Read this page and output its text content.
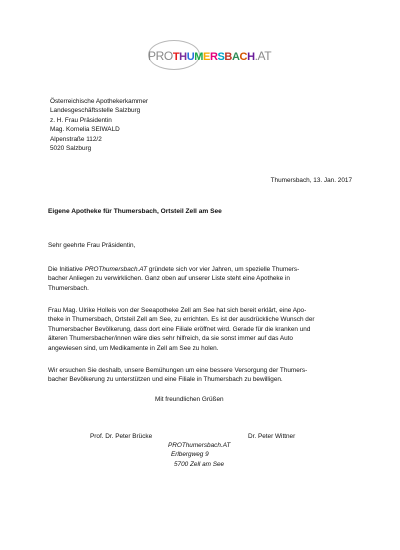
PROTHUMERSBACH.AT
Österreichische Apothekerkammer
Landesgeschäftsstelle Salzburg
z. H. Frau Präsidentin
Mag. Kornelia SEIWALD
Alpenstraße 112/2
5020 Salzburg
Thumersbach, 13. Jan. 2017
Eigene Apotheke für Thumersbach, Ortsteil Zell am See
Sehr geehrte Frau Präsidentin,
Die Initiative PROThumersbach.AT gründete sich vor vier Jahren, um spezielle Thumers-
bacher Anliegen zu verwirklichen. Ganz oben auf unserer Liste steht eine Apotheke in
Thumersbach.
Frau Mag. Ulrike Holleis von der Seeapotheke Zell am See hat sich bereit erklärt, eine Apo-
theke in Thumersbach, Ortsteil Zell am See, zu errichten. Es ist der ausdrückliche Wunsch der
Thumersbacher Bevölkerung, dass dort eine Filiale eröffnet wird. Gerade für die kranken und
älteren Thumersbacher/innen wäre dies sehr hilfreich, da sie sonst immer auf das Auto
angewiesen sind, um Medikamente in Zell am See zu holen.
Wir ersuchen Sie deshalb, unsere Bemühungen um eine bessere Versorgung der Thumers-
bacher Bevölkerung zu unterstützen und eine Filiale in Thumersbach zu bewilligen.
Mit freundlichen Grüßen
Prof. Dr. Peter Brücke	Dr. Peter Wittner
PROThumersbach.AT
Erlbergweg 9
5700 Zell am See
